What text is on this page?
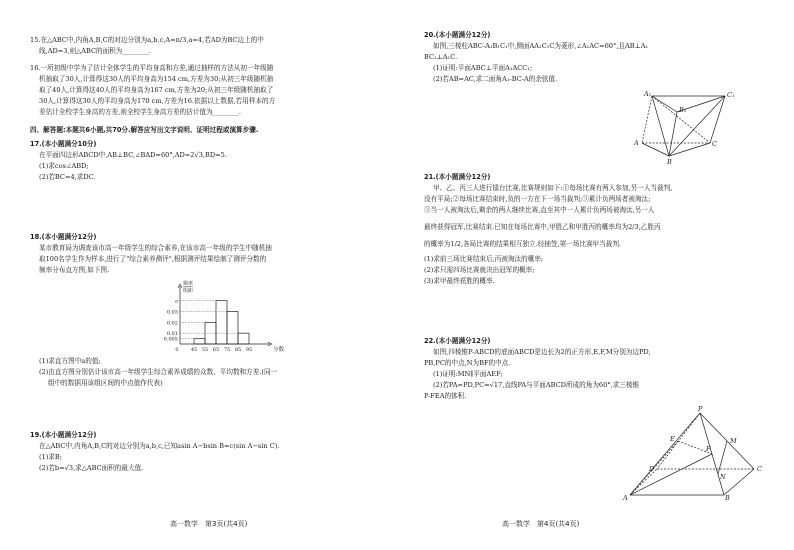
15.在△ABC中,内角A,B,C的对边分别为a,b,c,A=π/3,a=4,若AD为BC边上的中
线,AD=3,则△ABC的面积为________.
16.一所初级中学为了估计全体学生的平均身高和方差,通过抽样的方法从初一年级随
机抽取了30人,计算得这30人的平均身高为154 cm,方差为30;从初三年级随机抽
取了40人,计算得这40人的平均身高为167 cm,方差为20;从初三年级随机抽取了
30人,计算得这30人的平均身高为170 cm,方差为16.依据以上数据,若用样本的方
差估计全校学生身高的方差,则全校学生身高方差的估计值为________.
四、解答题:本题共6小题,共70分.解答应写出文字说明、证明过程或演算步骤.
17.(本小题满分10分)
在平面四边形ABCD中,AB⊥BC,∠BAD=60°,AD=2√3,BD=5.
(1)求cos∠ABD;
(2)若BC=4,求DC.
18.(本小题满分12分)
某市教育局为调查该市高一年级学生的综合素养,在该市高一年级的学生中随机抽
取100名学生作为样本,进行了"综合素养测评",根据测评结果绘制了测评分数的
频率分布直方图,如下图.
a
0.03
0.02
0.01
0.005
0 45 55 65 75 85 95	分数
频率
组距
(1)求直方图中a的值;
(2)由直方图分别估计该市高一年级学生综合素养成绩的众数、平均数和方差.(同一
组中的数据用该组区间的中点值作代表)
19.(本小题满分12分)
在△ABC中,内角A,B,C的对边分别为a,b,c,已知asin A−bsin B=c(sin A−sin C).
(1)求B;
(2)若b=√3,求△ABC面积的最大值.
高一数学　第3页(共4页)
20.(本小题满分12分)
如图,三棱柱ABC-A₁B₁C₁中,侧面AA₁C₁C为菱形,∠A₁AC=60°,且AB⊥A₁
BC₁⊥A₁C.
(1)证明:平面ABC⊥平面A₁ACC₁;
(2)若AB=AC,求二面角A₁-BC-A的余弦值.
A₁	C₁
B₁
A
B
C
21.(本小题满分12分)
甲、乙、丙三人进行擂台比赛,比赛规则如下:①每场比赛有两人参加,另一人当裁判,
没有平局;②每场比赛结束时,负的一方在下一场当裁判;③累计负两场者被淘汰;
③当一人被淘汰后,剩余的两人继续比赛,直至其中一人累计负两场被淘汰,另一人
最终获得冠军,比赛结束.已知在每场比赛中,甲胜乙和甲胜丙的概率均为2/3,乙胜丙
的概率为1/2,各局比赛的结果相互独立.经抽签,第一场比赛甲当裁判.
(1)求前三场比赛结束后,丙被淘汰的概率;
(2)求只需四场比赛就决出冠军的概率;
(3)求甲最终获胜的概率.
22.(本小题满分12分)
如图,四棱锥P-ABCD的底面ABCD是边长为2的正方形,E,F,M分别为边PD,
PB,PC的中点,N为BF的中点.
(1)证明:MN∥平面AEF;
(2)若PA=PD,PC=√17,直线PA与平面ABCD所成的角为60°,求三棱锥
P-FEA的体积.
P
E
F
M
N
D	C
A	B
高一数学　第4页(共4页)
